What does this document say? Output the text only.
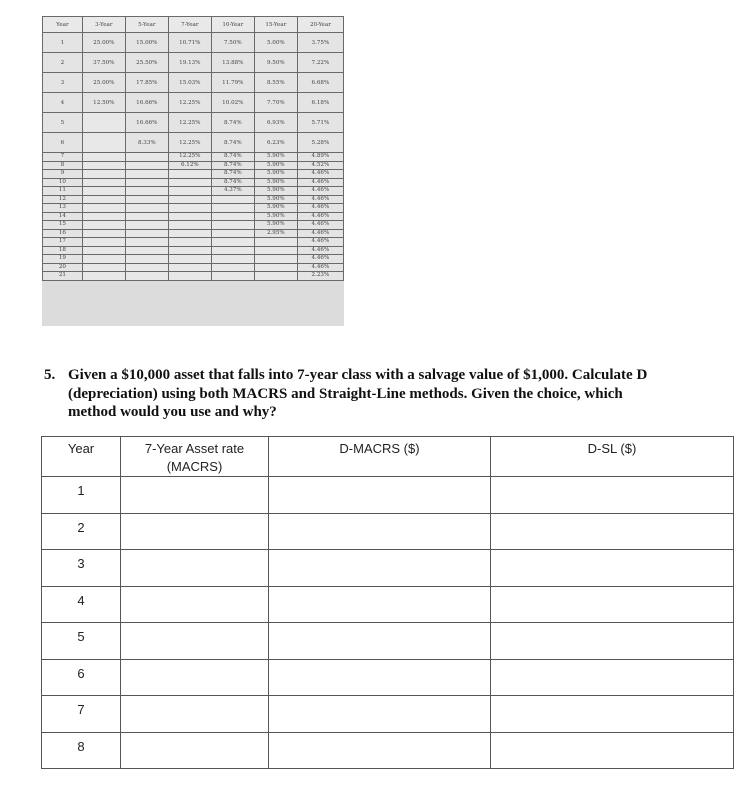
Year	3-Year	5-Year	7-Year	10-Year	15-Year	20-Year
1	25.00%	15.00%	10.71%	7.50%	5.00%	3.75%
2	37.50%	25.50%	19.13%	13.88%	9.50%	7.22%
3	25.00%	17.85%	15.03%	11.79%	8.55%	6.68%
4	12.50%	16.66%	12.25%	10.02%	7.70%	6.18%
5		16.66%	12.25%	8.74%	6.93%	5.71%
6		8.33%	12.25%	8.74%	6.23%	5.28%
7			12.25%	8.74%	5.90%	4.89%
8			6.12%	8.74%	5.90%	4.52%
9				8.74%	5.90%	4.46%
10				8.74%	5.90%	4.46%
11				4.37%	5.90%	4.46%
12					5.90%	4.46%
13					5.90%	4.46%
14					5.90%	4.46%
15					5.90%	4.46%
16					2.95%	4.46%
17						4.46%
18						4.46%
19						4.46%
20						4.46%
21						2.23%
5. Given a $10,000 asset that falls into 7-year class with a salvage value of $1,000. Calculate D (depreciation) using both MACRS and Straight-Line methods. Given the choice, which method would you use and why?
Year	7-Year Asset rate (MACRS)	D-MACRS ($)	D-SL ($)
1			
2			
3			
4			
5			
6			
7			
8			
